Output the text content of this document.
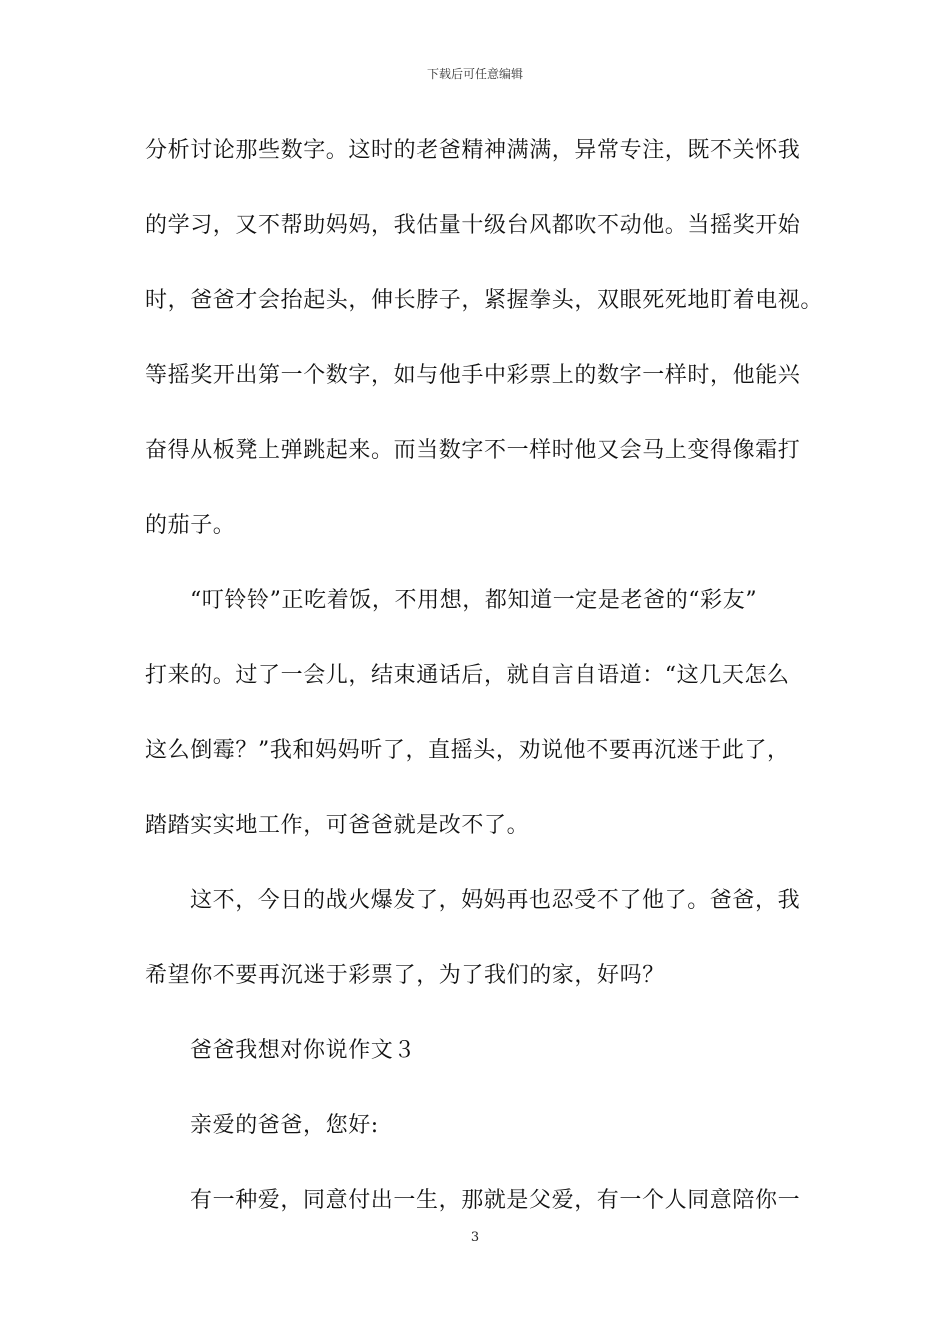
下载后可任意编辑
分析讨论那些数字。这时的老爸精神满满，异常专注，既不关怀我
的学习，又不帮助妈妈，我估量十级台风都吹不动他。当摇奖开始
时，爸爸才会抬起头，伸长脖子，紧握拳头，双眼死死地盯着电视。
等摇奖开出第一个数字，如与他手中彩票上的数字一样时，他能兴
奋得从板凳上弹跳起来。而当数字不一样时他又会马上变得像霜打
的茄子。
“叮铃铃”正吃着饭，不用想，都知道一定是老爸的“彩友”
打来的。过了一会儿，结束通话后，就自言自语道：“这几天怎么
这么倒霉？”我和妈妈听了，直摇头，劝说他不要再沉迷于此了，
踏踏实实地工作，可爸爸就是改不了。
这不，今日的战火爆发了，妈妈再也忍受不了他了。爸爸，我
希望你不要再沉迷于彩票了，为了我们的家，好吗？
爸爸我想对你说作文３
亲爱的爸爸，您好:
有一种爱，同意付出一生，那就是父爱，有一个人同意陪你一
3
